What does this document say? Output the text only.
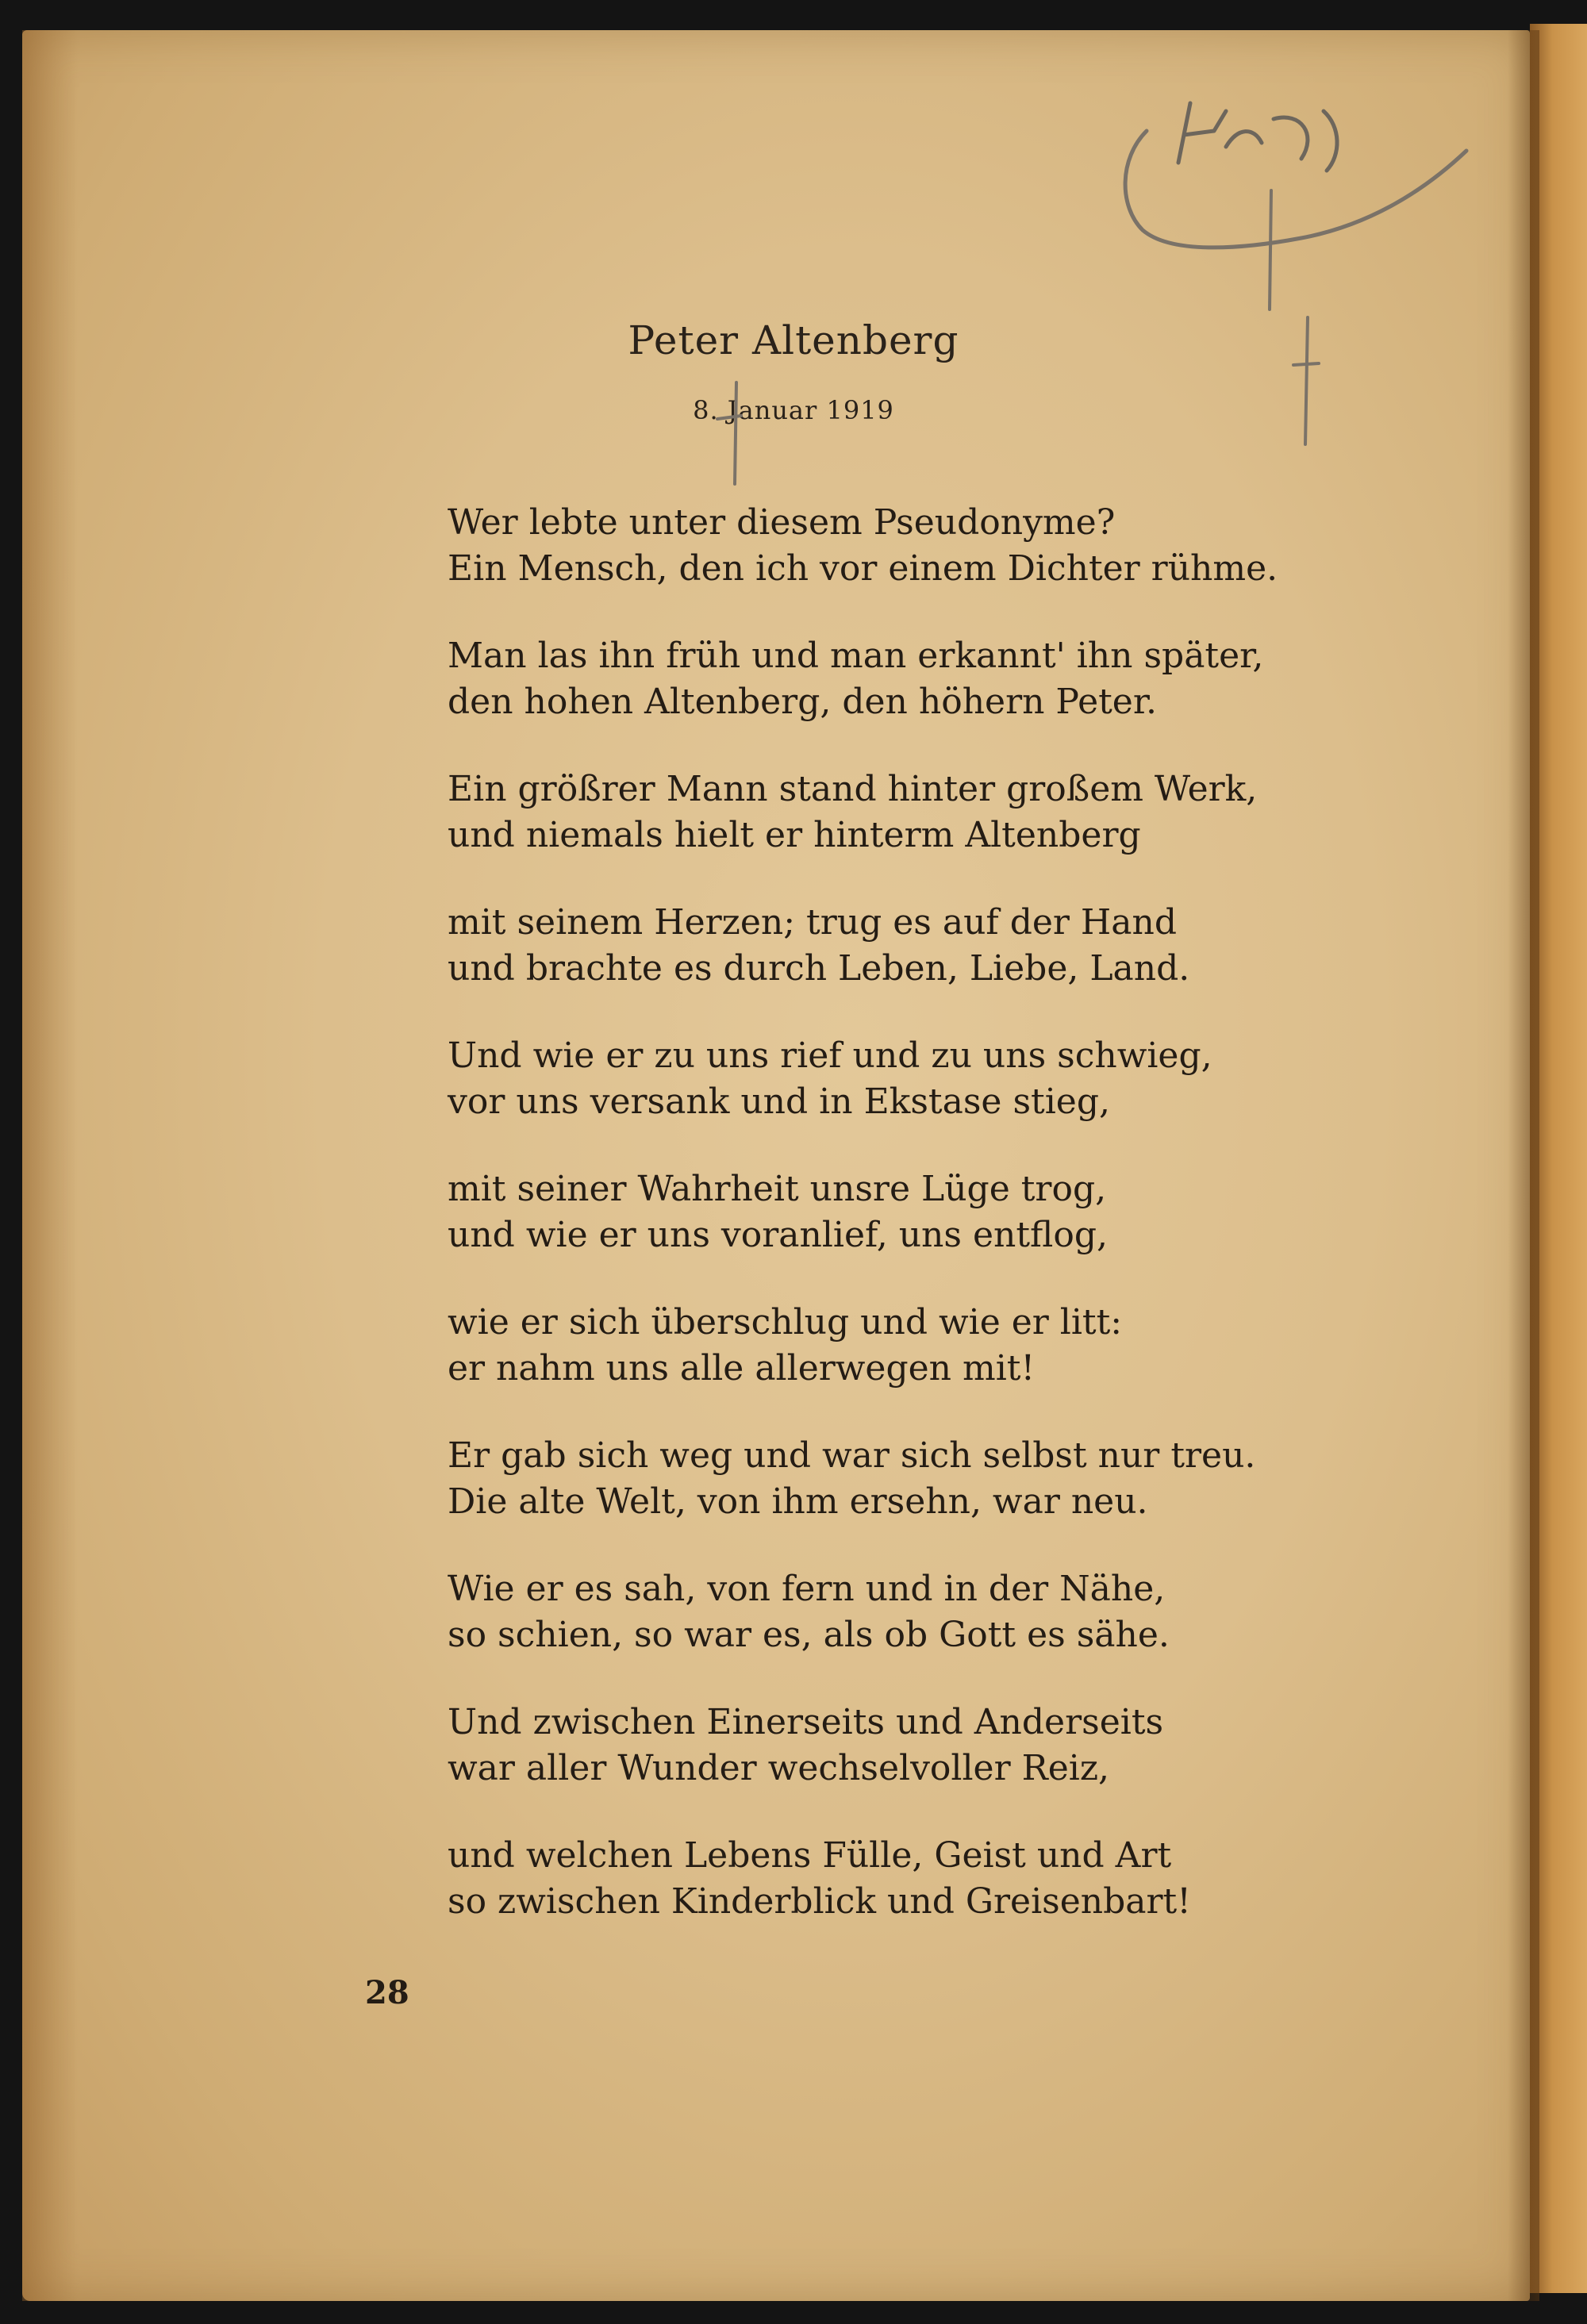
Peter Altenberg
8. Januar 1919
Wer lebte unter diesem Pseudonyme?
Ein Mensch, den ich vor einem Dichter rühme.
Man las ihn früh und man erkannt' ihn später,
den hohen Altenberg, den höhern Peter.
Ein größrer Mann stand hinter großem Werk,
und niemals hielt er hinterm Altenberg
mit seinem Herzen; trug es auf der Hand
und brachte es durch Leben, Liebe, Land.
Und wie er zu uns rief und zu uns schwieg,
vor uns versank und in Ekstase stieg,
mit seiner Wahrheit unsre Lüge trog,
und wie er uns voranlief, uns entflog,
wie er sich überschlug und wie er litt:
er nahm uns alle allerwegen mit!
Er gab sich weg und war sich selbst nur treu.
Die alte Welt, von ihm ersehn, war neu.
Wie er es sah, von fern und in der Nähe,
so schien, so war es, als ob Gott es sähe.
Und zwischen Einerseits und Anderseits
war aller Wunder wechselvoller Reiz,
und welchen Lebens Fülle, Geist und Art
so zwischen Kinderblick und Greisenbart!
28
